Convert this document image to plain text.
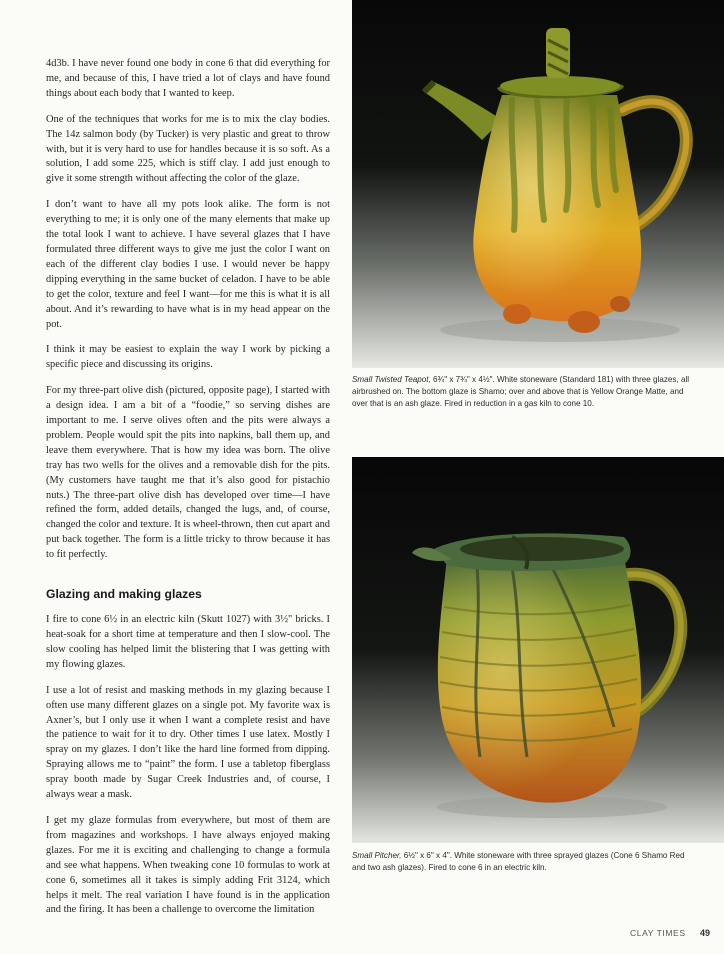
4d3b. I have never found one body in cone 6 that did everything for me, and because of this, I have tried a lot of clays and have found things about each body that I wanted to keep.

One of the techniques that works for me is to mix the clay bodies. The 14z salmon body (by Tucker) is very plastic and great to throw with, but it is very hard to use for handles because it is so soft. As a solution, I add some 225, which is stiff clay. I add just enough to give it some strength without affecting the color of the glaze.

I don’t want to have all my pots look alike. The form is not everything to me; it is only one of the many elements that make up the total look I want to achieve. I have several glazes that I have formulated three different ways to give me just the color I want on each of the different clay bodies I use. I would never be happy dipping everything in the same bucket of celadon. I have to be able to get the color, texture and feel I want—for me this is what it is all about. And it’s rewarding to have what is in my head appear on the pot.

I think it may be easiest to explain the way I work by picking a specific piece and discussing its origins.

For my three-part olive dish (pictured, opposite page), I started with a design idea. I am a bit of a “foodie,” so serving dishes are important to me. I serve olives often and the pits were always a problem. People would spit the pits into napkins, ball them up, and leave them everywhere. That is how my idea was born. The olive tray has two wells for the olives and a removable dish for the pits. (My customers have taught me that it’s also good for pistachio nuts.) The three-part olive dish has developed over time—I have refined the form, added details, changed the lugs, and, of course, changed the color and texture. It is wheel-thrown, then cut apart and put back together. The form is a little tricky to throw because it has to fit perfectly.

Glazing and making glazes

I fire to cone 6½ in an electric kiln (Skutt 1027) with 3½" bricks. I heat-soak for a short time at temperature and then I slow-cool. The slow cooling has helped limit the blistering that I was getting with my flowing glazes.

I use a lot of resist and masking methods in my glazing because I often use many different glazes on a single pot. My favorite wax is Axner’s, but I only use it when I want a complete resist and have the patience to wait for it to dry. Other times I use latex. Mostly I spray on my glazes. I don’t like the hard line formed from dipping. Spraying allows me to “paint” the form. I use a tabletop fiberglass spray booth made by Sugar Creek Industries and, of course, I always wear a mask.

I get my glaze formulas from everywhere, but most of them are from magazines and workshops. I have always enjoyed making glazes. For me it is exciting and challenging to change a formula and see what happens. When tweaking cone 10 formulas to work at cone 6, sometimes all it takes is simply adding Frit 3124, which helps it melt. The real variation I have found is in the application and the firing. It has been a challenge to overcome the limitation

Small Twisted Teapot, 6¾" x 7¾" x 4½". White stoneware (Standard 181) with three glazes, all airbrushed on. The bottom glaze is Shamo; over and above that is Yellow Orange Matte, and over that is an ash glaze. Fired in reduction in a gas kiln to cone 10.
Small Pitcher, 6½" x 6" x 4". White stoneware with three sprayed glazes (Cone 6 Shamo Red and two ash glazes). Fired to cone 6 in an electric kiln.
CLAY TIMES 49
